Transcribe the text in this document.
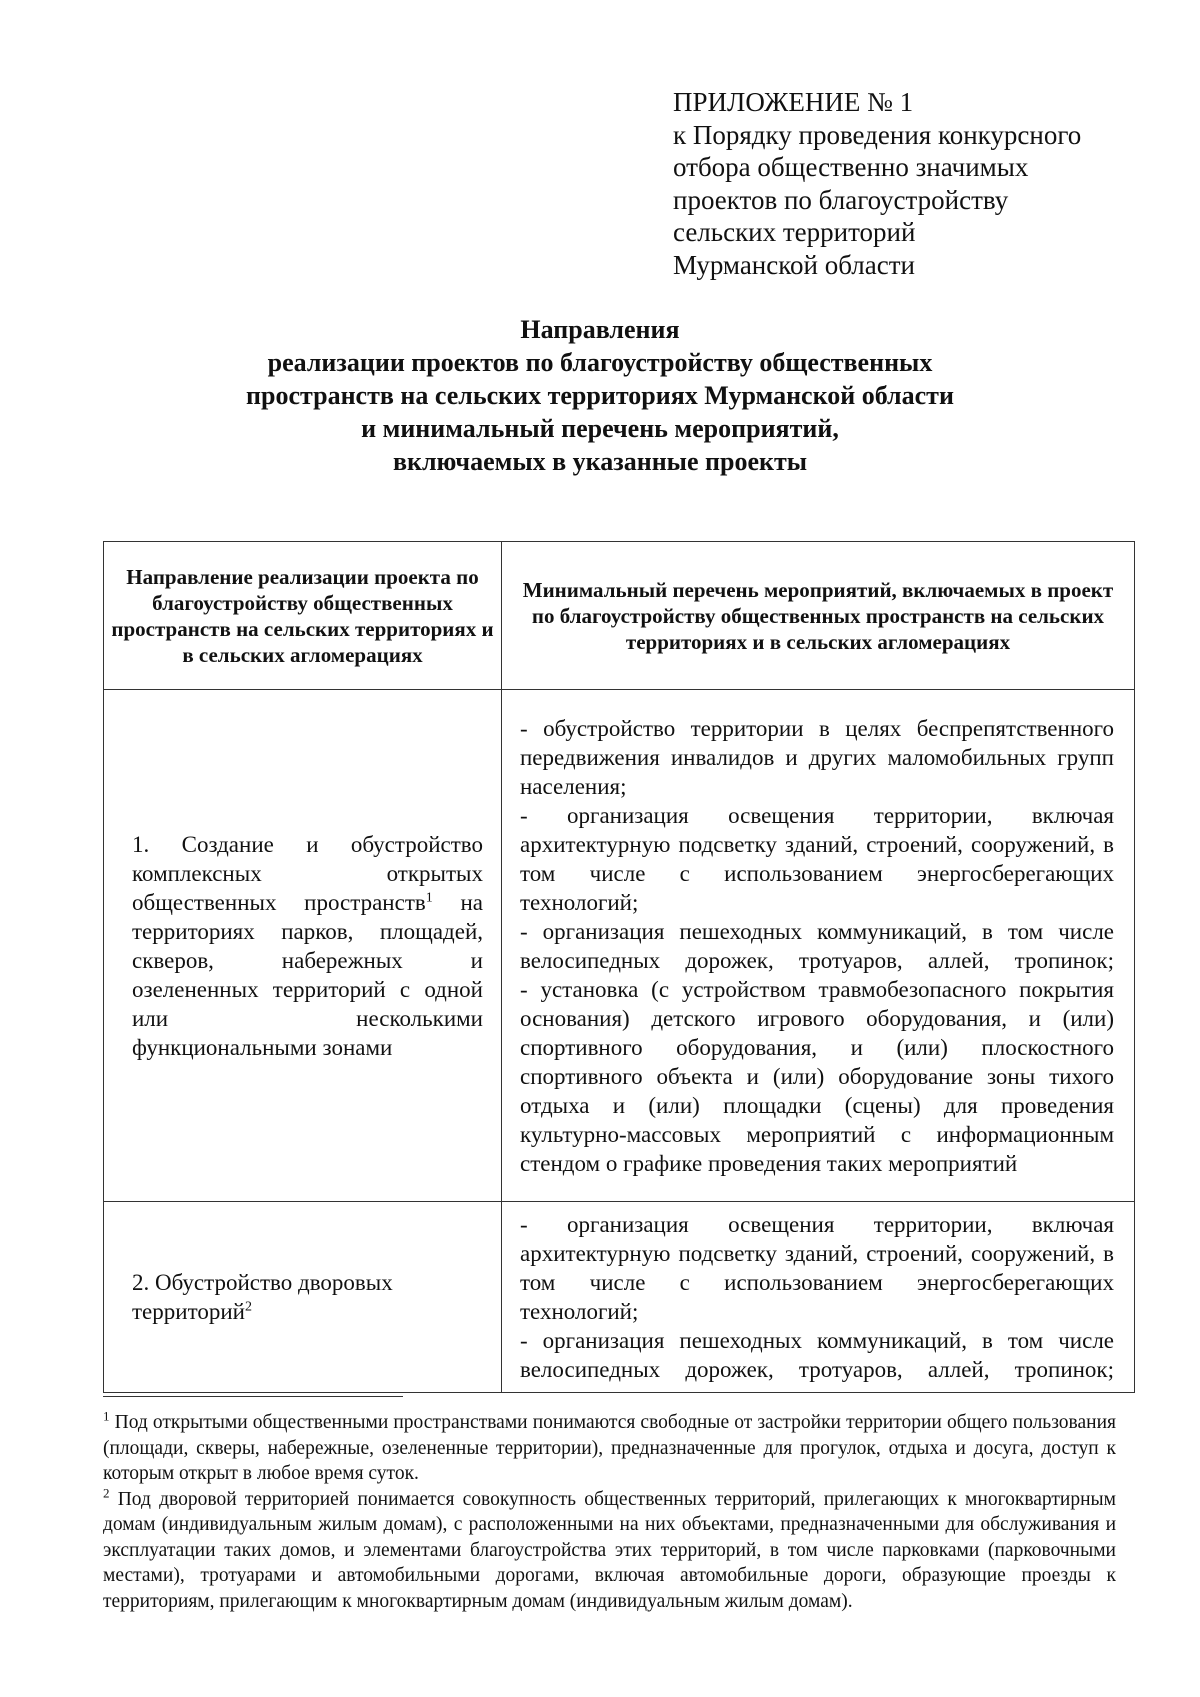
ПРИЛОЖЕНИЕ № 1
к Порядку проведения конкурсного
отбора общественно значимых
проектов по благоустройству
сельских территорий
Мурманской области
Направления
реализации проектов по благоустройству общественных
пространств на сельских территориях Мурманской области
и минимальный перечень мероприятий,
включаемых в указанные проекты
Направление реализации проекта по благоустройству общественных пространств на сельских территориях и в сельских агломерациях	Минимальный перечень мероприятий, включаемых в проект по благоустройству общественных пространств на сельских территориях и в сельских агломерациях
1. Создание и обустройство комплексных открытых общественных пространств$^1$ на территориях парков, площадей, скверов, набережных и озелененных территорий с одной или несколькими функциональными зонами	- обустройство территории в целях беспрепятственного передвижения инвалидов и других маломобильных групп населения;
- организация освещения территории, включая архитектурную подсветку зданий, строений, сооружений, в том числе с использованием энергосберегающих технологий;
- организация пешеходных коммуникаций, в том числе велосипедных дорожек, тротуаров, аллей, тропинок;
- установка (с устройством травмобезопасного покрытия основания) детского игрового оборудования, и (или) спортивного оборудования, и (или) плоскостного спортивного объекта и (или) оборудование зоны тихого отдыха и (или) площадки (сцены) для проведения культурно-массовых мероприятий с информационным стендом о графике проведения таких мероприятий

2. Обустройство дворовых территорий$^2$	- организация освещения территории, включая архитектурную подсветку зданий, строений, сооружений, в том числе с использованием энергосберегающих технологий;
- организация пешеходных коммуникаций, в том числе велосипедных дорожек, тротуаров, аллей, тропинок;

$^1$ Под открытыми общественными пространствами понимаются свободные от застройки территории общего пользования (площади, скверы, набережные, озелененные территории), предназначенные для прогулок, отдыха и досуга, доступ к которым открыт в любое время суток.

$^2$ Под дворовой территорией понимается совокупность общественных территорий, прилегающих к многоквартирным домам (индивидуальным жилым домам), с расположенными на них объектами, предназначенными для обслуживания и эксплуатации таких домов, и элементами благоустройства этих территорий, в том числе парковками (парковочными местами), тротуарами и автомобильными дорогами, включая автомобильные дороги, образующие проезды к территориям, прилегающим к многоквартирным домам (индивидуальным жилым домам).
